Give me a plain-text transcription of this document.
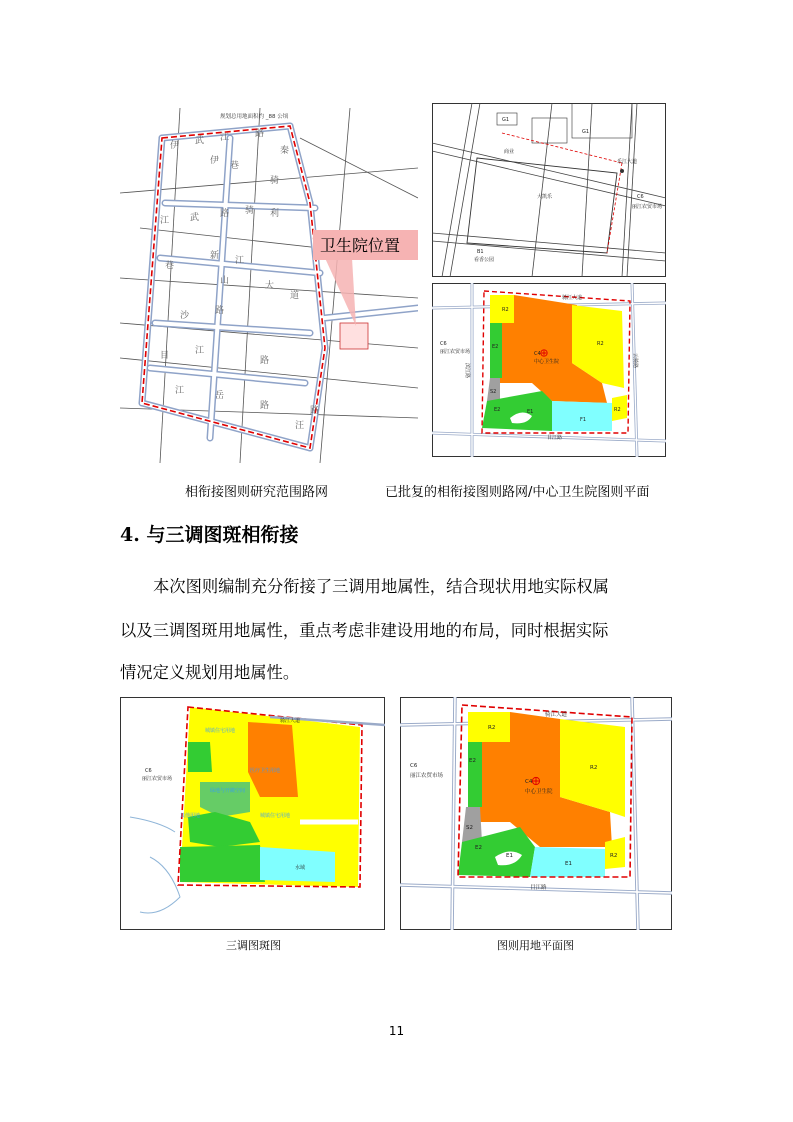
卫生院位置
规划总用地面积约 _88 公顷
伊 武 江	路
秦
伊 巷
骑
江 武 路 骑 利
巷
新 江
山	大
道
沙	路
目	江
路
江	岳
路
汪
路
G1
G1
商业
大凯乐
B1
看香公园
C6
丽江农贸市场
乐江大道
骑江大道
目江路
滨江路
云骑路
C6
丽江农贸市场	C4
中心卫生院
R2
R2
E2
S2
E2	E1
F1
R2
相衔接图则研究范围路网	已批复的相衔接图则路网/中心卫生院图则平面
4. 与三调图斑相衔接
本次图则编制充分衔接了三调用地属性，结合现状用地实际权属
以及三调图斑用地属性，重点考虑非建设用地的布局，同时根据实际
情况定义规划用地属性。
骑江大道
C6
丽江农贸市场
水域
城镇住宅用地
医疗卫生用地
绿地与开敞空间
城镇住宅用地
其他用地
骑江大道
目江路
C6
丽江农贸市场
C4
中心卫生院
R2
E2
R2
S2
E2
E1
E1
R2
三调图斑图	图则用地平面图
11
